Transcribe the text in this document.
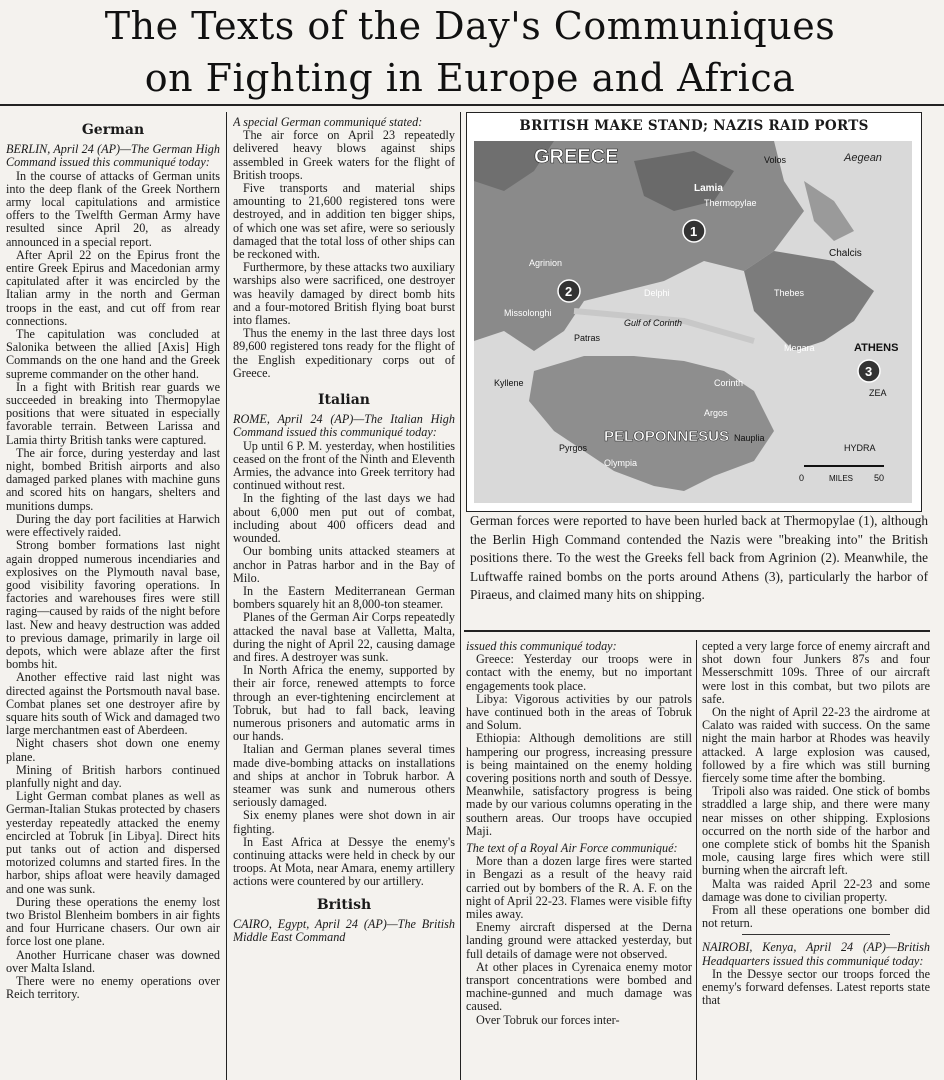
The Texts of the Day's Communiques
on Fighting in Europe and Africa
German

BERLIN, April 24 (AP)—The German High Command issued this communiqué today:

In the course of attacks of German units into the deep flank of the Greek Northern army local capitulations and armistice offers to the Twelfth German Army have resulted since April 20, as already announced in a special report.

After April 22 on the Epirus front the entire Greek Epirus and Macedonian army capitulated after it was encircled by the Italian army in the north and German troops in the east, and cut off from rear connections.

The capitulation was concluded at Salonika between the allied [Axis] High Commands on the one hand and the Greek supreme commander on the other hand.

In a fight with British rear guards we succeeded in breaking into Thermopylae positions that were situated in especially favorable terrain. Between Larissa and Lamia thirty British tanks were captured.

The air force, during yesterday and last night, bombed British airports and also damaged parked planes with machine guns and scored hits on hangars, shelters and munitions dumps.

During the day port facilities at Harwich were effectively raided.

Strong bomber formations last night again dropped numerous incendiaries and explosives on the Plymouth naval base, good visibility favoring operations. In factories and warehouses fires were still raging—caused by raids of the night before last. New and heavy destruction was added to previous damage, primarily in large oil depots, which were ablaze after the first bombs hit.

Another effective raid last night was directed against the Portsmouth naval base. Combat planes set one destroyer afire by square hits south of Wick and damaged two large merchantmen east of Aberdeen.

Night chasers shot down one enemy plane.

Mining of British harbors continued planfully night and day.

Light German combat planes as well as German-Italian Stukas protected by chasers yesterday repeatedly attacked the enemy encircled at Tobruk [in Libya]. Direct hits put tanks out of action and dispersed motorized columns and started fires. In the harbor, ships afloat were heavily damaged and one was sunk.

During these operations the enemy lost two Bristol Blenheim bombers in air fights and four Hurricane chasers. Our own air force lost one plane.

Another Hurricane chaser was downed over Malta Island.

There were no enemy operations over Reich territory.

A special German communiqué stated:

The air force on April 23 repeatedly delivered heavy blows against ships assembled in Greek waters for the flight of British troops.

Five transports and material ships amounting to 21,600 registered tons were destroyed, and in addition ten bigger ships, of which one was set afire, were so seriously damaged that the total loss of other ships can be reckoned with.

Furthermore, by these attacks two auxiliary warships also were sacrificed, one destroyer was heavily damaged by direct bomb hits and a four-motored British flying boat burst into flames.

Thus the enemy in the last three days lost 89,600 registered tons ready for the flight of the English expeditionary corps out of Greece.

Italian

ROME, April 24 (AP)—The Italian High Command issued this communiqué today:

Up until 6 P. M. yesterday, when hostilities ceased on the front of the Ninth and Eleventh Armies, the advance into Greek territory had continued without rest.

In the fighting of the last days we had about 6,000 men put out of combat, including about 400 officers dead and wounded.

Our bombing units attacked steamers at anchor in Patras harbor and in the Bay of Milo.

In the Eastern Mediterranean German bombers squarely hit an 8,000-ton steamer.

Planes of the German Air Corps repeatedly attacked the naval base at Valletta, Malta, during the night of April 22, causing damage and fires. A destroyer was sunk.

In North Africa the enemy, supported by their air force, renewed attempts to force through an ever-tightening encirclement at Tobruk, but had to fall back, leaving numerous prisoners and automatic arms in our hands.

Italian and German planes several times made dive-bombing attacks on installations and ships at anchor in Tobruk harbor. A steamer was sunk and numerous others seriously damaged.

Six enemy planes were shot down in air fighting.

In East Africa at Dessye the enemy's continuing attacks were held in check by our troops. At Mota, near Amara, enemy artillery actions were countered by our artillery.

British

CAIRO, Egypt, April 24 (AP)—The British Middle East Command

BRITISH MAKE STAND; NAZIS RAID PORTS
GREECE
PELOPONNESUS
Aegean
Volos
Lamia
Thermopylae
Agrinion
Missolonghi
Patras
Gulf of Corinth
Delphi
Chalcis
Thebes
ATHENS
Corinth
Megara
Argos
Nauplia
Olympia
Pyrgos
Kyllene
ZEA
HYDRA
0	MILES 50
1
2
3
German forces were reported to have been hurled back at Thermopylae (1), although the Berlin High Command contended the Nazis were "breaking into" the British positions there. To the west the Greeks fell back from Agrinion (2). Meanwhile, the Luftwaffe rained bombs on the ports around Athens (3), particularly the harbor of Piraeus, and claimed many hits on shipping.

issued this communiqué today:

Greece: Yesterday our troops were in contact with the enemy, but no important engagements took place.

Libya: Vigorous activities by our patrols have continued both in the areas of Tobruk and Solum.

Ethiopia: Although demolitions are still hampering our progress, increasing pressure is being maintained on the enemy holding covering positions north and south of Dessye. Meanwhile, satisfactory progress is being made by our various columns operating in the southern areas. Our troops have occupied Maji.

The text of a Royal Air Force communiqué:

More than a dozen large fires were started in Bengazi as a result of the heavy raid carried out by bombers of the R. A. F. on the night of April 22-23. Flames were visible fifty miles away.

Enemy aircraft dispersed at the Derna landing ground were attacked yesterday, but full details of damage were not observed.

At other places in Cyrenaica enemy motor transport concentrations were bombed and machine-gunned and much damage was caused.

Over Tobruk our forces inter-

cepted a very large force of enemy aircraft and shot down four Junkers 87s and four Messerschmitt 109s. Three of our aircraft were lost in this combat, but two pilots are safe.

On the night of April 22-23 the airdrome at Calato was raided with success. On the same night the main harbor at Rhodes was heavily attacked. A large explosion was caused, followed by a fire which was still burning fiercely some time after the bombing.

Tripoli also was raided. One stick of bombs straddled a large ship, and there were many near misses on other shipping. Explosions occurred on the north side of the harbor and one complete stick of bombs hit the Spanish mole, causing large fires which were still burning when the aircraft left.

Malta was raided April 22-23 and some damage was done to civilian property.

From all these operations one bomber did not return.

NAIROBI, Kenya, April 24 (AP)—British Headquarters issued this communiqué today:

In the Dessye sector our troops forced the enemy's forward defenses. Latest reports state that
